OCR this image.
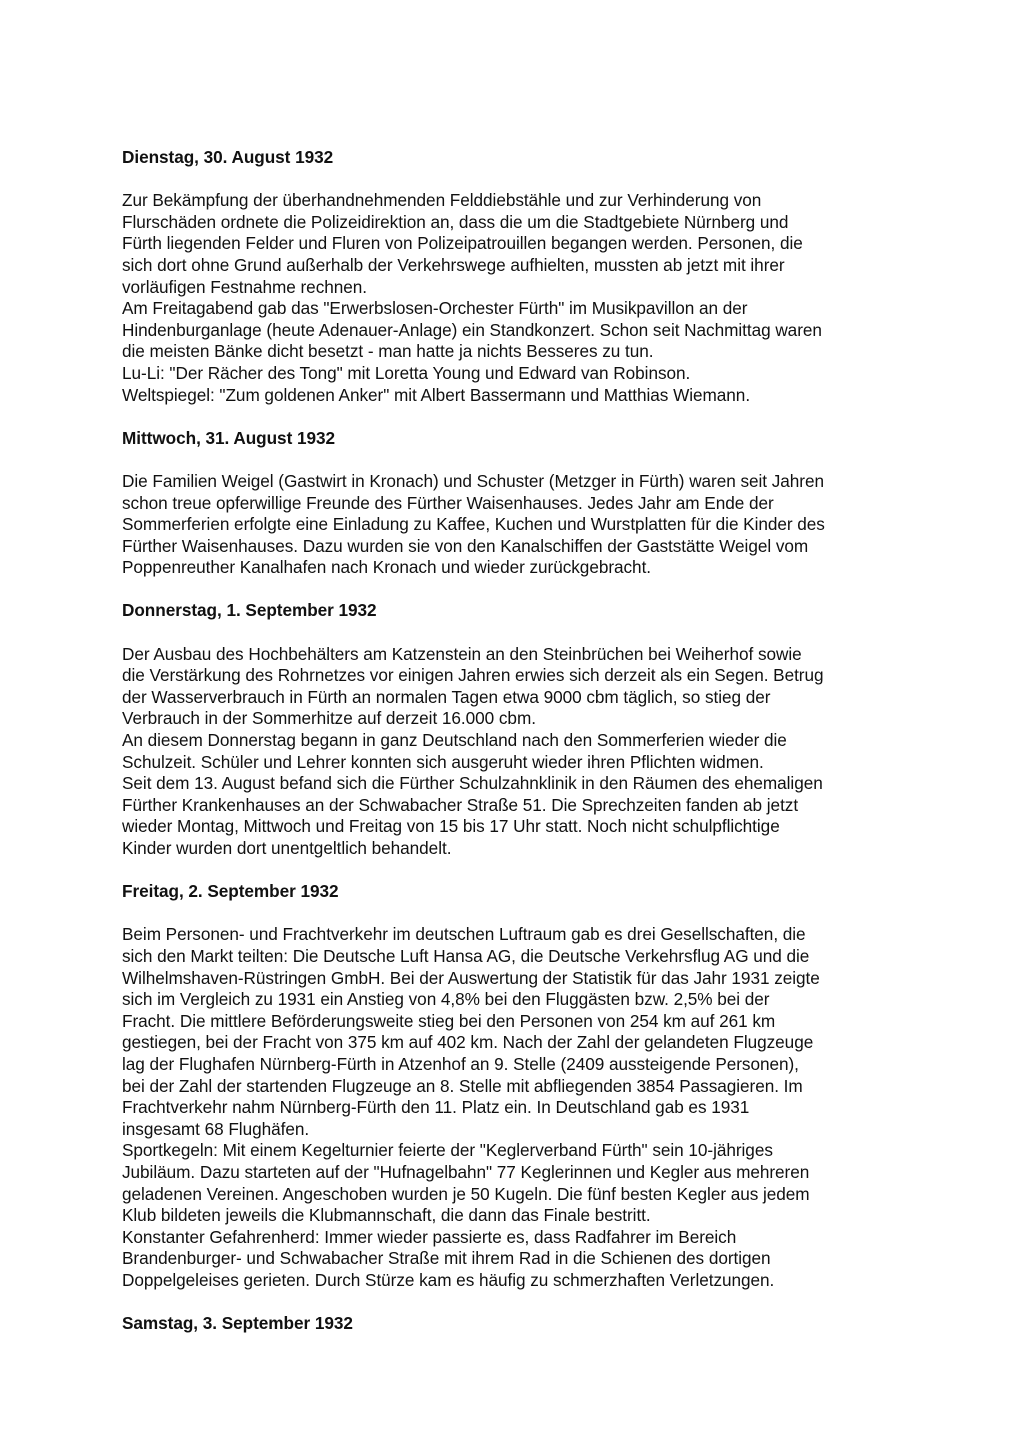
Dienstag, 30. August 1932

Zur Bekämpfung der überhandnehmenden Felddiebstähle und zur Verhinderung von
Flurschäden ordnete die Polizeidirektion an, dass die um die Stadtgebiete Nürnberg und
Fürth liegenden Felder und Fluren von Polizeipatrouillen begangen werden. Personen, die
sich dort ohne Grund außerhalb der Verkehrswege aufhielten, mussten ab jetzt mit ihrer
vorläufigen Festnahme rechnen.

Am Freitagabend gab das "Erwerbslosen-Orchester Fürth" im Musikpavillon an der
Hindenburganlage (heute Adenauer-Anlage) ein Standkonzert. Schon seit Nachmittag waren
die meisten Bänke dicht besetzt - man hatte ja nichts Besseres zu tun.

Lu-Li: "Der Rächer des Tong" mit Loretta Young und Edward van Robinson.

Weltspiegel: "Zum goldenen Anker" mit Albert Bassermann und Matthias Wiemann.

Mittwoch, 31. August 1932

Die Familien Weigel (Gastwirt in Kronach) und Schuster (Metzger in Fürth) waren seit Jahren
schon treue opferwillige Freunde des Fürther Waisenhauses. Jedes Jahr am Ende der
Sommerferien erfolgte eine Einladung zu Kaffee, Kuchen und Wurstplatten für die Kinder des
Fürther Waisenhauses. Dazu wurden sie von den Kanalschiffen der Gaststätte Weigel vom
Poppenreuther Kanalhafen nach Kronach und wieder zurückgebracht.

Donnerstag, 1. September 1932

Der Ausbau des Hochbehälters am Katzenstein an den Steinbrüchen bei Weiherhof sowie
die Verstärkung des Rohrnetzes vor einigen Jahren erwies sich derzeit als ein Segen. Betrug
der Wasserverbrauch in Fürth an normalen Tagen etwa 9000 cbm täglich, so stieg der
Verbrauch in der Sommerhitze auf derzeit 16.000 cbm.

An diesem Donnerstag begann in ganz Deutschland nach den Sommerferien wieder die
Schulzeit. Schüler und Lehrer konnten sich ausgeruht wieder ihren Pflichten widmen.

Seit dem 13. August befand sich die Fürther Schulzahnklinik in den Räumen des ehemaligen
Fürther Krankenhauses an der Schwabacher Straße 51. Die Sprechzeiten fanden ab jetzt
wieder Montag, Mittwoch und Freitag von 15 bis 17 Uhr statt. Noch nicht schulpflichtige
Kinder wurden dort unentgeltlich behandelt.

Freitag, 2. September 1932

Beim Personen- und Frachtverkehr im deutschen Luftraum gab es drei Gesellschaften, die
sich den Markt teilten: Die Deutsche Luft Hansa AG, die Deutsche Verkehrsflug AG und die
Wilhelmshaven-Rüstringen GmbH. Bei der Auswertung der Statistik für das Jahr 1931 zeigte
sich im Vergleich zu 1931 ein Anstieg von 4,8% bei den Fluggästen bzw. 2,5% bei der
Fracht. Die mittlere Beförderungsweite stieg bei den Personen von 254 km auf 261 km
gestiegen, bei der Fracht von 375 km auf 402 km. Nach der Zahl der gelandeten Flugzeuge
lag der Flughafen Nürnberg-Fürth in Atzenhof an 9. Stelle (2409 aussteigende Personen),
bei der Zahl der startenden Flugzeuge an 8. Stelle mit abfliegenden 3854 Passagieren. Im
Frachtverkehr nahm Nürnberg-Fürth den 11. Platz ein. In Deutschland gab es 1931
insgesamt 68 Flughäfen.

Sportkegeln: Mit einem Kegelturnier feierte der "Keglerverband Fürth" sein 10-jähriges
Jubiläum. Dazu starteten auf der "Hufnagelbahn" 77 Keglerinnen und Kegler aus mehreren
geladenen Vereinen. Angeschoben wurden je 50 Kugeln. Die fünf besten Kegler aus jedem
Klub bildeten jeweils die Klubmannschaft, die dann das Finale bestritt.

Konstanter Gefahrenherd: Immer wieder passierte es, dass Radfahrer im Bereich
Brandenburger- und Schwabacher Straße mit ihrem Rad in die Schienen des dortigen
Doppelgeleises gerieten. Durch Stürze kam es häufig zu schmerzhaften Verletzungen.

Samstag, 3. September 1932
